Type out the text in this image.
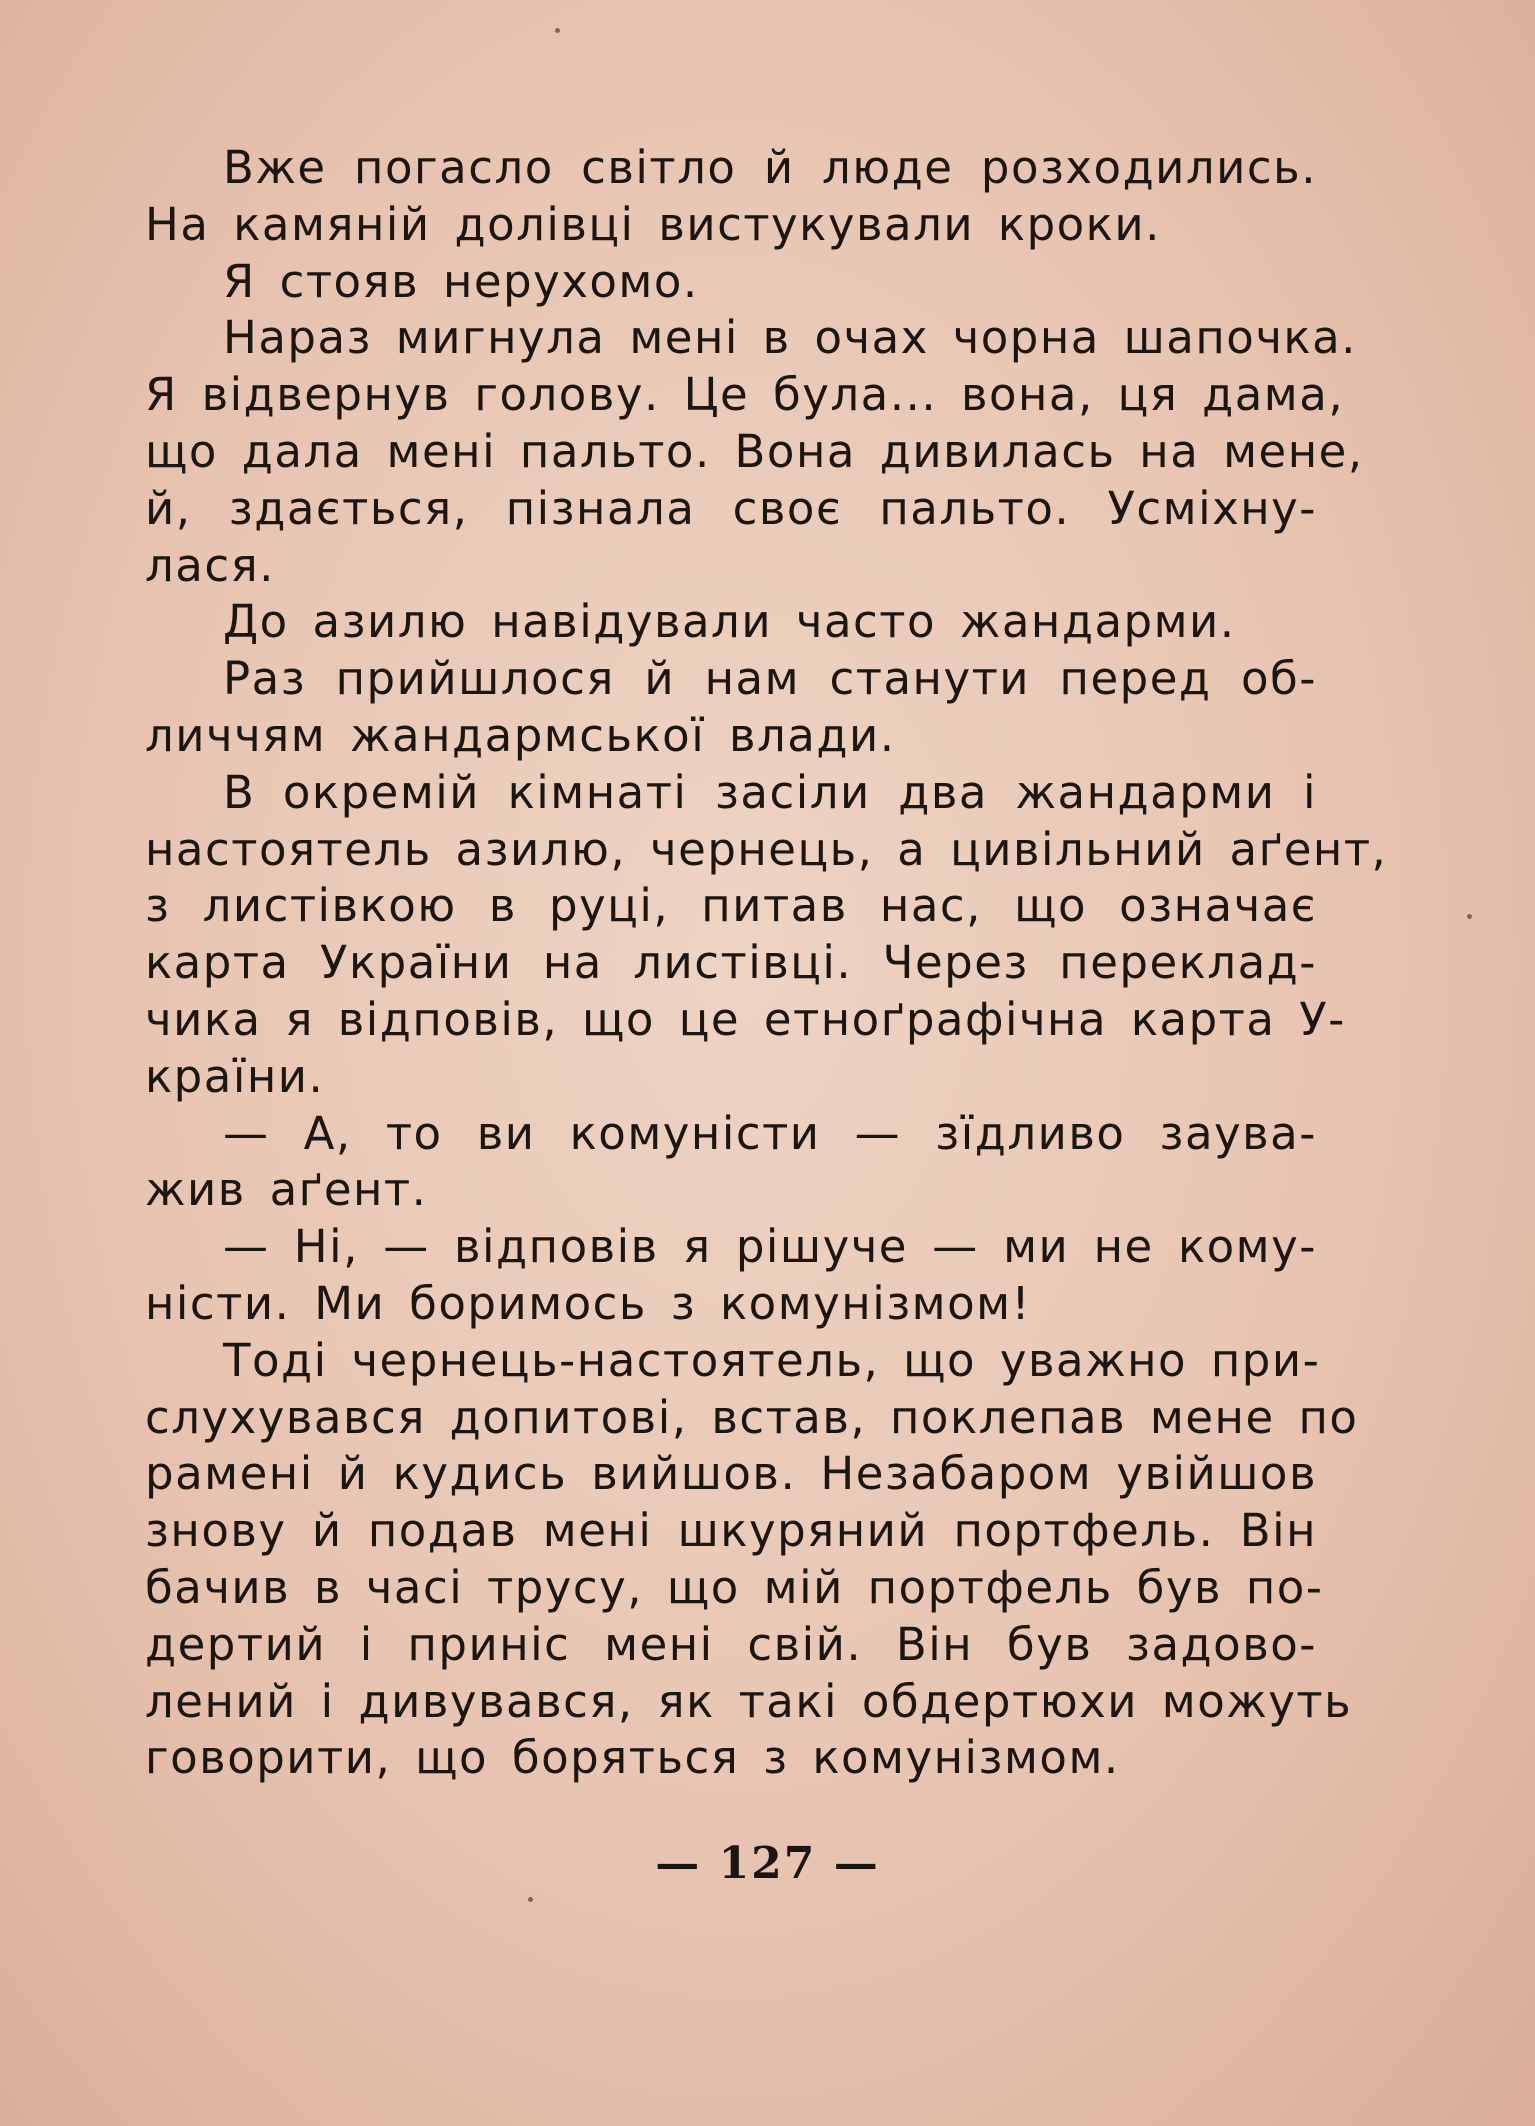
Вже погасло світло й люде розходились.
На камяній долівці вистукували кроки.
Я стояв нерухомо.
Нараз мигнула мені в очах чорна шапочка.
Я відвернув голову. Це була... вона, ця дама,
що дала мені пальто. Вона дивилась на мене,
й, здається, пізнала своє пальто. Усміхну-
лася.
До азилю навідували часто жандарми.
Раз прийшлося й нам станути перед об-
личчям жандармської влади.
В окремій кімнаті засіли два жандарми і
настоятель азилю, чернець, а цивільний аґент,
з листівкою в руці, питав нас, що означає
карта України на листівці. Через переклад-
чика я відповів, що це етноґрафічна карта У-
країни.
— А, то ви комуністи — зїдливо заува-
жив аґент.
— Ні, — відповів я рішуче — ми не кому-
ністи. Ми боримось з комунізмом!
Тоді чернець-настоятель, що уважно при-
слухувався допитові, встав, поклепав мене по
рамені й кудись вийшов. Незабаром увійшов
знову й подав мені шкуряний портфель. Він
бачив в часі трусу, що мій портфель був по-
дертий і приніс мені свій. Він був задово-
лений і дивувався, як такі обдертюхи можуть
говорити, що боряться з комунізмом.
— 127 —
